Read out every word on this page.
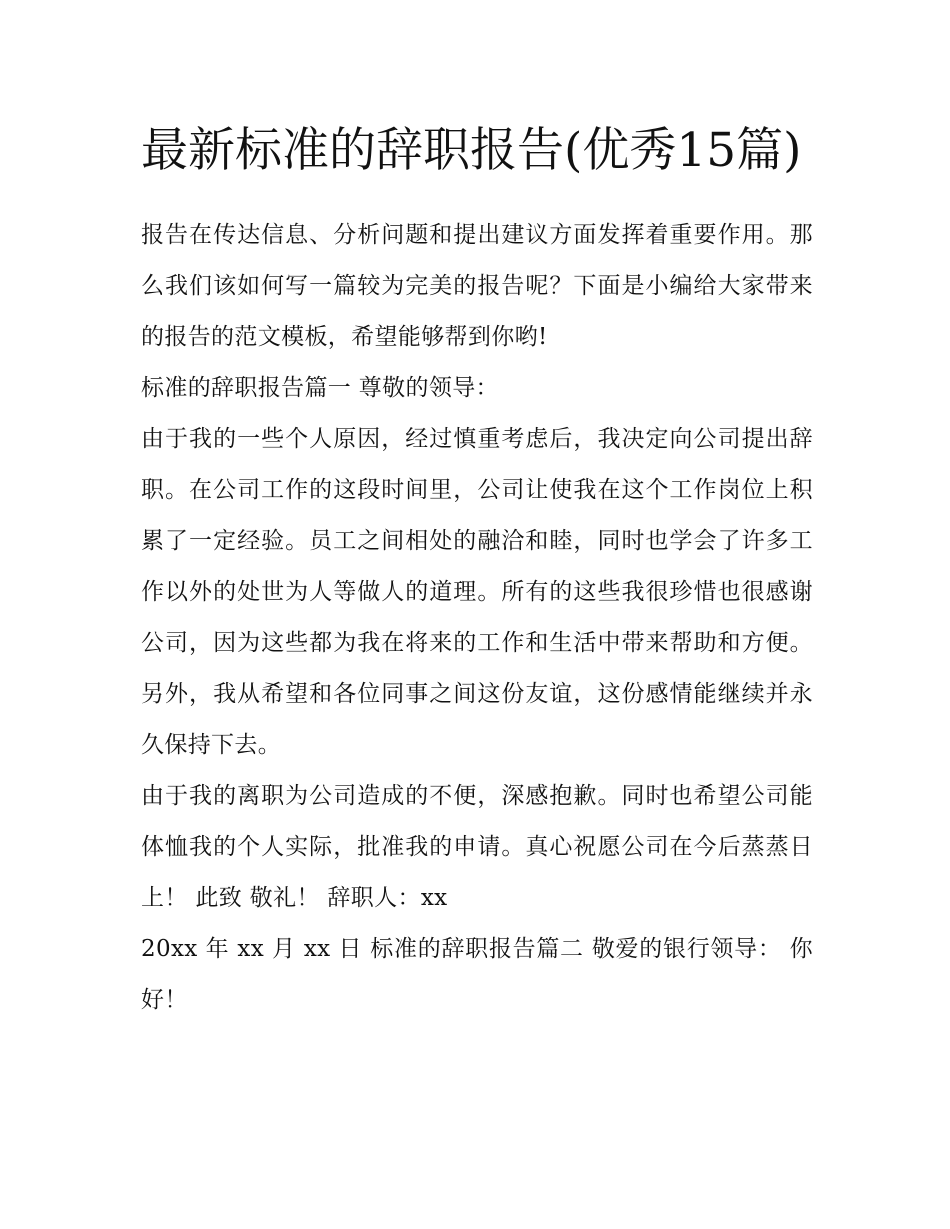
最新标准的辞职报告(优秀15篇)

报告在传达信息、分析问题和提出建议方面发挥着重要作用。那么我们该如何写一篇较为完美的报告呢？下面是小编给大家带来的报告的范文模板，希望能够帮到你哟!

标准的辞职报告篇一 尊敬的领导：

由于我的一些个人原因，经过慎重考虑后，我决定向公司提出辞职。在公司工作的这段时间里，公司让使我在这个工作岗位上积累了一定经验。员工之间相处的融洽和睦，同时也学会了许多工作以外的处世为人等做人的道理。所有的这些我很珍惜也很感谢公司，因为这些都为我在将来的工作和生活中带来帮助和方便。另外，我从希望和各位同事之间这份友谊，这份感情能继续并永久保持下去。

由于我的离职为公司造成的不便，深感抱歉。同时也希望公司能体恤我的个人实际，批准我的申请。真心祝愿公司在今后蒸蒸日上！ 此致 敬礼！ 辞职人：xx

20xx 年 xx 月 xx 日 标准的辞职报告篇二 敬爱的银行领导： 你好！
